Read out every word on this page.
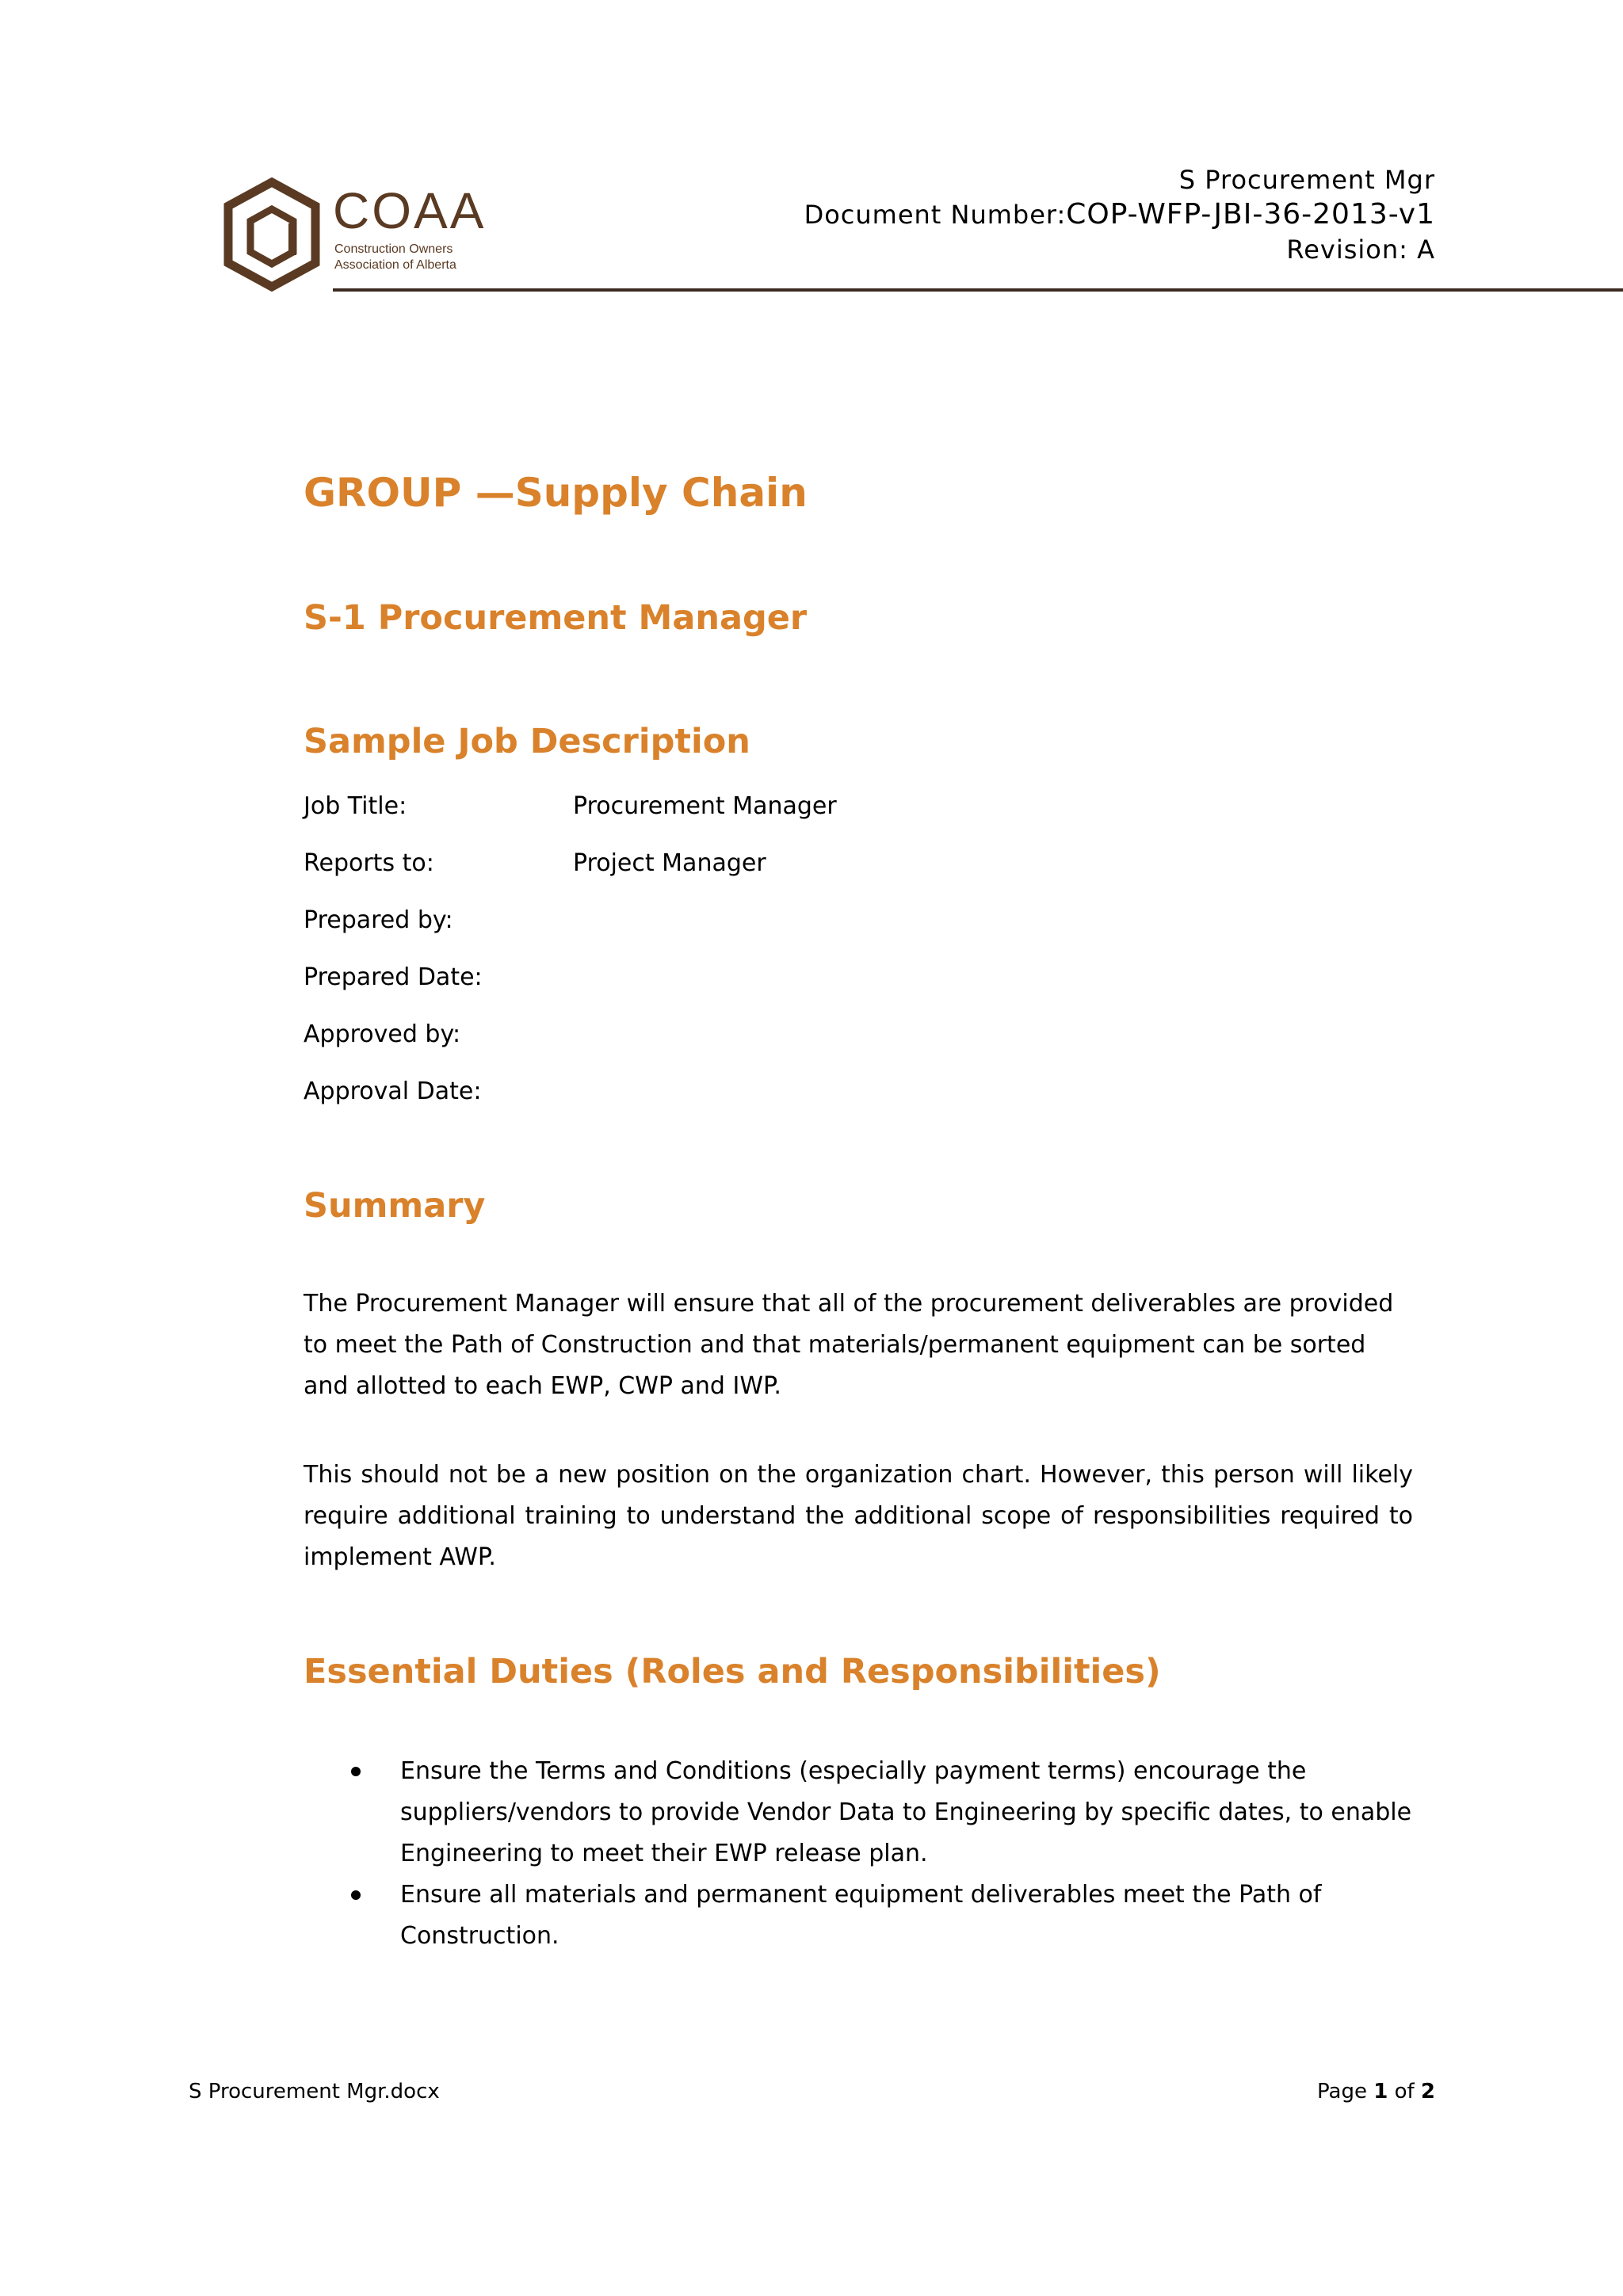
COAA
Construction Owners
Association of Alberta
S Procurement Mgr
Document Number:COP-WFP-JBI-36-2013-v1
Revision: A
GROUP —Supply Chain
S-1 Procurement Manager
Sample Job Description
Job Title:	Procurement Manager
Reports to:	Project Manager
Prepared by:
Prepared Date:
Approved by:
Approval Date:
Summary

The Procurement Manager will ensure that all of the procurement deliverables are provided to meet the Path of Construction and that materials/permanent equipment can be sorted and allotted to each EWP, CWP and IWP.

This should not be a new position on the organization chart. However, this person will likely require additional training to understand the additional scope of responsibilities required to implement AWP.

Essential Duties (Roles and Responsibilities)
Ensure the Terms and Conditions (especially payment terms) encourage the suppliers/vendors to provide Vendor Data to Engineering by specific dates, to enable Engineering to meet their EWP release plan.
Ensure all materials and permanent equipment deliverables meet the Path of Construction.
S Procurement Mgr.docx	Page 1 of 2
